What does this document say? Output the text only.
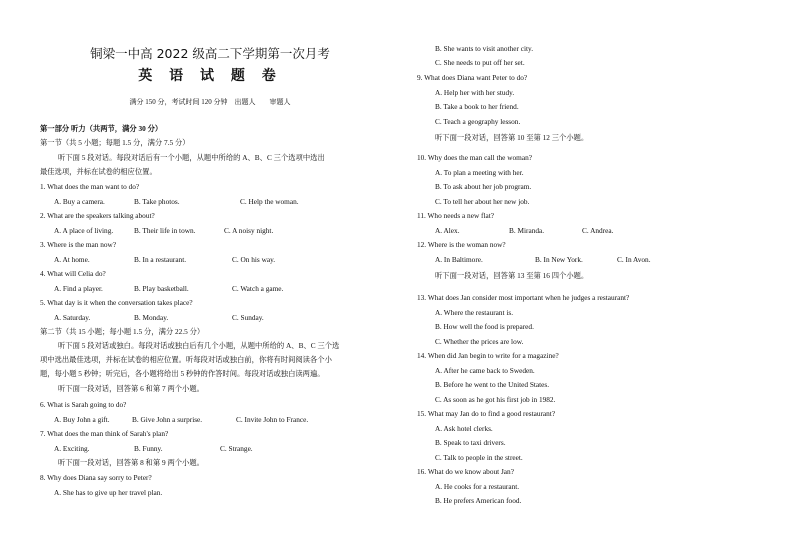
铜梁一中高 2022 级高二下学期第一次月考
英 语 试 题 卷
满分 150 分，考试时间 120 分钟　出题人　　审题人
第一部分 听力（共两节，满分 30 分）
第一节（共 5 小题；每题 1.5 分，满分 7.5 分）
听下面 5 段对话。每段对话后有一个小题，从题中所给的 A、B、C 三个选项中选出
最佳选项，并标在试卷的相应位置。
1. What does the man want to do?
A. Buy a camera.	B. Take photos.	C. Help the woman.
2. What are the speakers talking about?
A. A place of living.	B. Their life in town.	C. A noisy night.
3. Where is the man now?
A. At home.	B. In a restaurant.	C. On his way.
4. What will Celia do?
A. Find a player.	B. Play basketball.	C. Watch a game.
5. What day is it when the conversation takes place?
A. Saturday.	B. Monday.	C. Sunday.
第二节（共 15 小题；每小题 1.5 分，满分 22.5 分）
听下面 5 段对话或独白。每段对话或独白后有几个小题，从题中所给的 A、B、C 三个选
项中选出最佳选项，并标在试卷的相应位置。听每段对话或独白前，你将有时间阅读各个小
题，每小题 5 秒钟；听完后，各小题将给出 5 秒钟的作答时间。每段对话或独白读两遍。
听下面一段对话，回答第 6 和第 7 两个小题。
6. What is Sarah going to do?
A. Buy John a gift.	B. Give John a surprise.	C. Invite John to France.
7. What does the man think of Sarah's plan?
A. Exciting.	B. Funny.	C. Strange.
听下面一段对话，回答第 8 和第 9 两个小题。
8. Why does Diana say sorry to Peter?
A. She has to give up her travel plan.
B. She wants to visit another city.
C. She needs to put off her set.
9. What does Diana want Peter to do?
A. Help her with her study.
B. Take a book to her friend.
C. Teach a geography lesson.
听下面一段对话，回答第 10 至第 12 三个小题。
10. Why does the man call the woman?
A. To plan a meeting with her.
B. To ask about her job program.
C. To tell her about her new job.
11. Who needs a new flat?
A. Alex.	B. Miranda.	C. Andrea.
12. Where is the woman now?
A. In Baltimore.	B. In New York.	C. In Avon.
听下面一段对话，回答第 13 至第 16 四个小题。
13. What does Jan consider most important when he judges a restaurant?
A. Where the restaurant is.
B. How well the food is prepared.
C. Whether the prices are low.
14. When did Jan begin to write for a magazine?
A. After he came back to Sweden.
B. Before he went to the United States.
C. As soon as he got his first job in 1982.
15. What may Jan do to find a good restaurant?
A. Ask hotel clerks.
B. Speak to taxi drivers.
C. Talk to people in the street.
16. What do we know about Jan?
A. He cooks for a restaurant.
B. He prefers American food.
